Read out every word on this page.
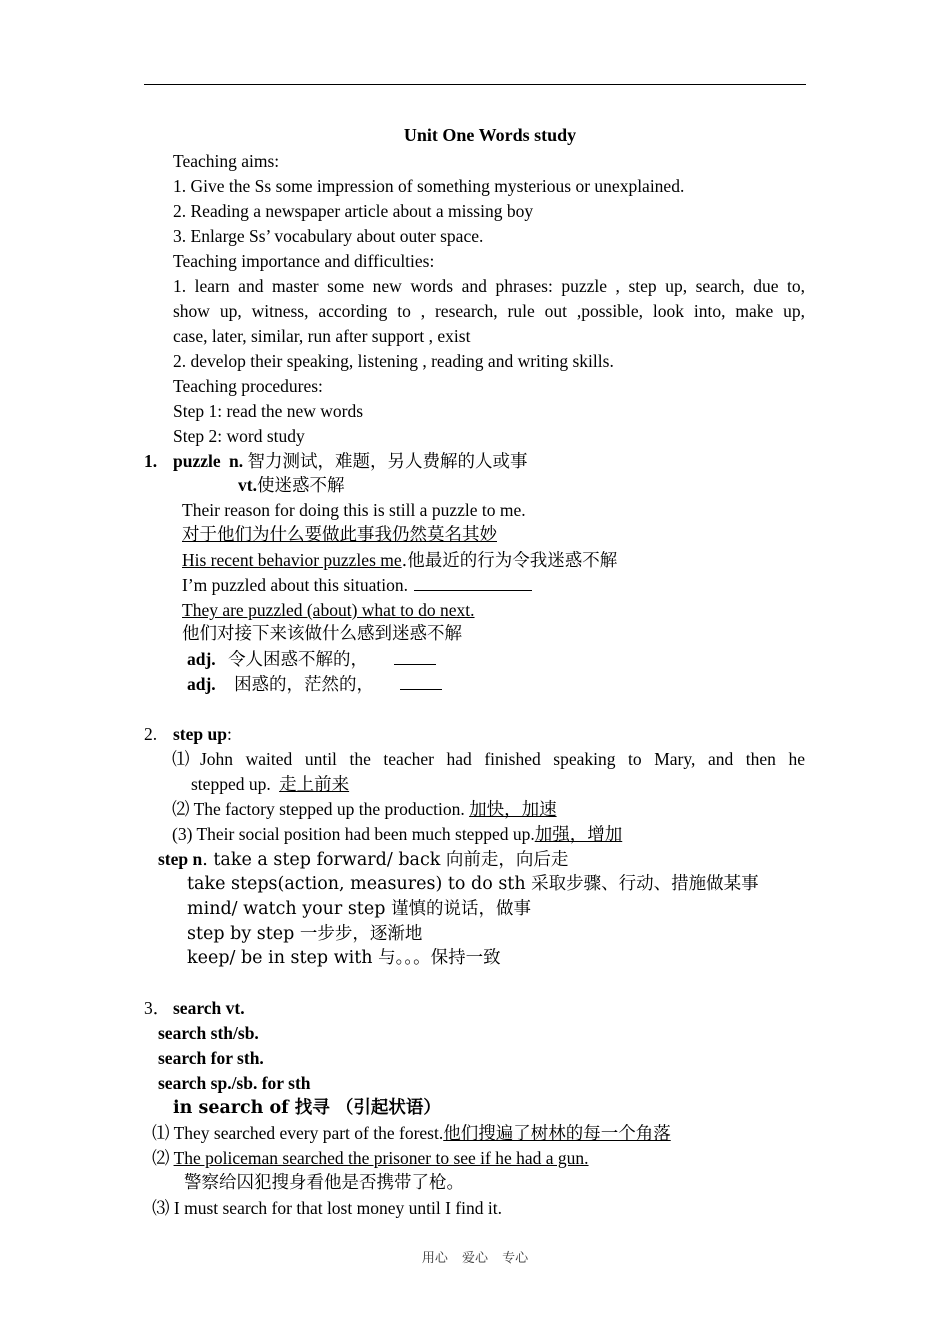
Unit One Words study
Teaching aims:
1. Give the Ss some impression of something mysterious or unexplained.
2. Reading a newspaper article about a missing boy
3. Enlarge Ss’ vocabulary about outer space.
Teaching importance and difficulties:
1. learn and master some new words and phrases: puzzle , step up, search, due to,
show up, witness, according to , research, rule out ,possible, look into, make up,
case, later, similar, run after support , exist
2. develop their speaking, listening , reading and writing skills.
Teaching procedures:
Step 1: read the new words
Step 2: word study
1. puzzle n. 智力测试，难题，另人费解的人或事
vt.使迷惑不解
Their reason for doing this is still a puzzle to me.
对于他们为什么要做此事我仍然莫名其妙
His recent behavior puzzles me.他最近的行为令我迷惑不解
I’m puzzled about this situation.
They are puzzled (about) what to do next.
他们对接下来该做什么感到迷惑不解
adj. 令人困惑不解的，
adj. 困惑的，茫然的，
2. step up:
⑴ John waited until the teacher had finished speaking to Mary, and then he
stepped up. 走上前来
⑵ The factory stepped up the production. 加快，加速
(3) Their social position had been much stepped up.加强，增加
step n. take a step forward/ back 向前走，向后走
take steps(action, measures) to do sth 采取步骤、行动、措施做某事
mind/ watch your step 谨慎的说话，做事
step by step 一步步，逐渐地
keep/ be in step with 与。。。保持一致
3． search vt.
search sth/sb.
search for sth.
search sp./sb. for sth
in search of 找寻 （引起状语）
⑴ They searched every part of the forest.他们搜遍了树林的每一个角落
⑵ The policeman searched the prisoner to see if he had a gun.
警察给囚犯搜身看他是否携带了枪。
⑶ I must search for that lost money until I find it.
用心 爱心 专心
